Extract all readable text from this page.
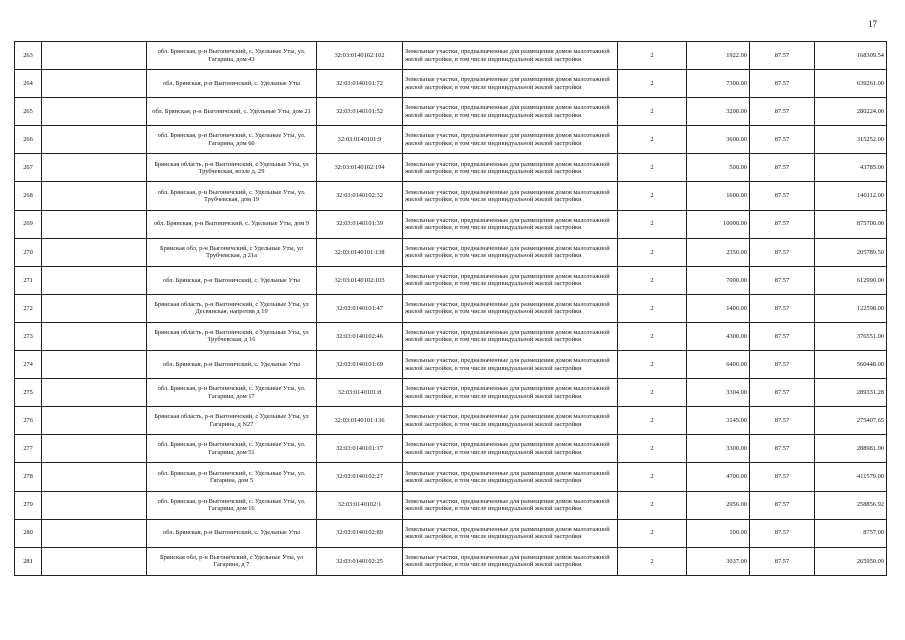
17
263		обл. Брянская, р-н Выгоничский, с. Удельные Уты, ул. Гагарина, дом 43	32:03:0140102:102	Земельные участки, предназначенные для размещения домов малоэтажной жилой застройки, в том числе индивидуальной жилой застройки	2	1922.00	87.57	168309.54
264		обл. Брянская, р-н Выгоничский, с. Удельные Уты	32:03:0140101:72	Земельные участки, предназначенные для размещения домов малоэтажной жилой застройки, в том числе индивидуальной жилой застройки	2	7300.00	87.57	639261.00
265		обл. Брянская, р-н Выгоничский, с. Удельные Уты, дом 21	32:03:0140101:52	Земельные участки, предназначенные для размещения домов малоэтажной жилой застройки, в том числе индивидуальной жилой застройки	2	3200.00	87.57	280224.00
266		обл. Брянская, р-н Выгоничский, с. Удельные Уты, ул. Гагарина, дом 60	32:03:0140101:9	Земельные участки, предназначенные для размещения домов малоэтажной жилой застройки, в том числе индивидуальной жилой застройки	2	3600.00	87.57	315252.00
267		Брянская область, р-н Выгоничский, с Удельные Уты, ул Трубчевская, возле д. 29	32:03:0140102:194	Земельные участки, предназначенные для размещения домов малоэтажной жилой застройки, в том числе индивидуальной жилой застройки	2	500.00	87.57	43785.00
268		обл. Брянская, р-н Выгоничский, с. Удельные Уты, ул. Трубчевская, дом 19	32:03:0140102:32	Земельные участки, предназначенные для размещения домов малоэтажной жилой застройки, в том числе индивидуальной жилой застройки	2	1600.00	87.57	140112.00
269		обл. Брянская, р-н Выгоничский, с. Удельные Уты, дом 9	32:03:0140101:39	Земельные участки, предназначенные для размещения домов малоэтажной жилой застройки, в том числе индивидуальной жилой застройки	2	10000.00	87.57	875700.00
270		Брянская обл, р-н Выгоничский, с Удельные Уты, ул Трубчевская, д 21а	32:03:0140101:138	Земельные участки, предназначенные для размещения домов малоэтажной жилой застройки, в том числе индивидуальной жилой застройки	2	2350.00	87.57	205789.50
271		обл. Брянская, р-н Выгоничский, с. Удельные Уты	32:03:0140102:103	Земельные участки, предназначенные для размещения домов малоэтажной жилой застройки, в том числе индивидуальной жилой застройки	2	7000.00	87.57	612990.00
272		Брянская область, р-н Выгоничский, с Удельные Уты, ул Десвянская, напротив д 19	32:03:0140101:47	Земельные участки, предназначенные для размещения домов малоэтажной жилой застройки, в том числе индивидуальной жилой застройки	2	1400.00	87.57	122598.00
273		Брянская область, р-н Выгоничский, с Удельные Уты, ул Трубчевская, д 16	32:03:0140102:46	Земельные участки, предназначенные для размещения домов малоэтажной жилой застройки, в том числе индивидуальной жилой застройки	2	4300.00	87.57	376551.00
274		обл. Брянская, р-н Выгоничский, с. Удельные Уты	32:03:0140101:69	Земельные участки, предназначенные для размещения домов малоэтажной жилой застройки, в том числе индивидуальной жилой застройки	2	6400.00	87.57	560448.00
275		обл. Брянская, р-н Выгоничский, с. Удельные Уты, ул. Гагарина, дом 17	32:03:0140101:8	Земельные участки, предназначенные для размещения домов малоэтажной жилой застройки, в том числе индивидуальной жилой застройки	2	3304.00	87.57	289331.28
276		Брянская область, р-н Выгоничский, с Удельные Уты, ул Гагарина, д N27	32:03:0140101:136	Земельные участки, предназначенные для размещения домов малоэтажной жилой застройки, в том числе индивидуальной жилой застройки	2	3145.00	87.57	275407.65
277		обл. Брянская, р-н Выгоничский, с. Удельные Уты, ул. Гагарина, дом 51	32:03:0140101:17	Земельные участки, предназначенные для размещения домов малоэтажной жилой застройки, в том числе индивидуальной жилой застройки	2	3300.00	87.57	288981.00
278		обл. Брянская, р-н Выгоничский, с. Удельные Уты, ул. Гагарина, дом 5	32:03:0140102:27	Земельные участки, предназначенные для размещения домов малоэтажной жилой застройки, в том числе индивидуальной жилой застройки	2	4700.00	87.57	411579.00
279		обл. Брянская, р-н Выгоничский, с. Удельные Уты, ул. Гагарина, дом 16	32:03:0140102:1	Земельные участки, предназначенные для размещения домов малоэтажной жилой застройки, в том числе индивидуальной жилой застройки	2	2956.00	87.57	258856.92
280		обл. Брянская, р-н Выгоничский, с. Удельные Уты	32:03:0140102:89	Земельные участки, предназначенные для размещения домов малоэтажной жилой застройки, в том числе индивидуальной жилой застройки	2	100.00	87.57	8757.00
281		Брянская обл, р-н Выгоничский, с Удельные Уты, ул Гагарина, д 7	32:03:0140102:25	Земельные участки, предназначенные для размещения домов малоэтажной жилой застройки, в том числе индивидуальной жилой застройки	2	3037.00	87.57	265950.09
